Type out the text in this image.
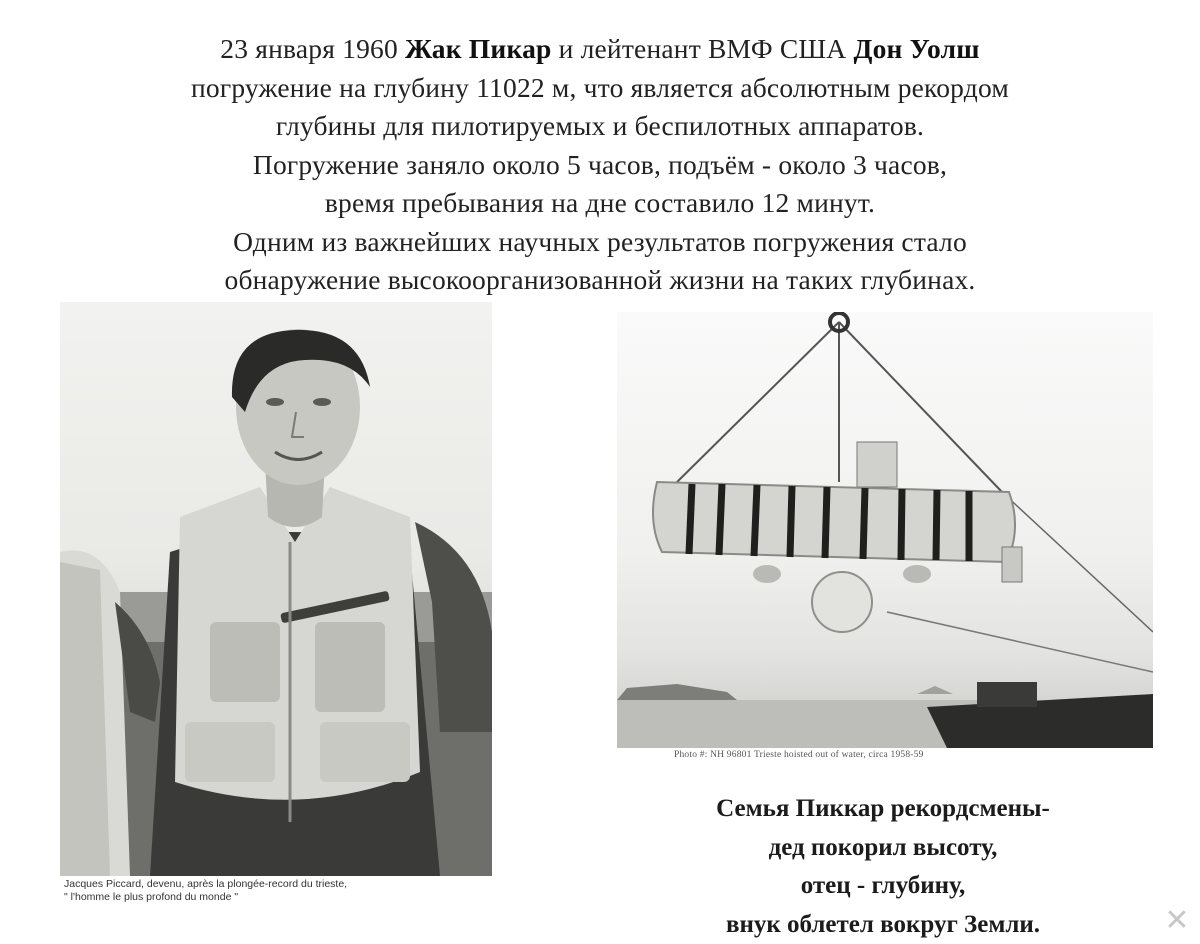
23 января 1960 Жак Пикар и лейтенант ВМФ США Дон Уолш
погружение на глубину 11022 м, что является абсолютным рекордом
глубины для пилотируемых и беспилотных аппаратов.
Погружение заняло около 5 часов, подъём - около 3 часов,
время пребывания на дне составило 12 минут.
Одним из важнейших научных результатов погружения стало
обнаружение высокоорганизованной жизни на таких глубинах.
Jacques Piccard, devenu, après la plongée-record du trieste,
" l'homme le plus profond du monde "
Photo #: NH 96801 Trieste hoisted out of water, circa 1958-59
Семья Пиккар рекордсмены-
дед покорил высоту,
отец - глубину,
внук облетел вокруг Земли.	✕
